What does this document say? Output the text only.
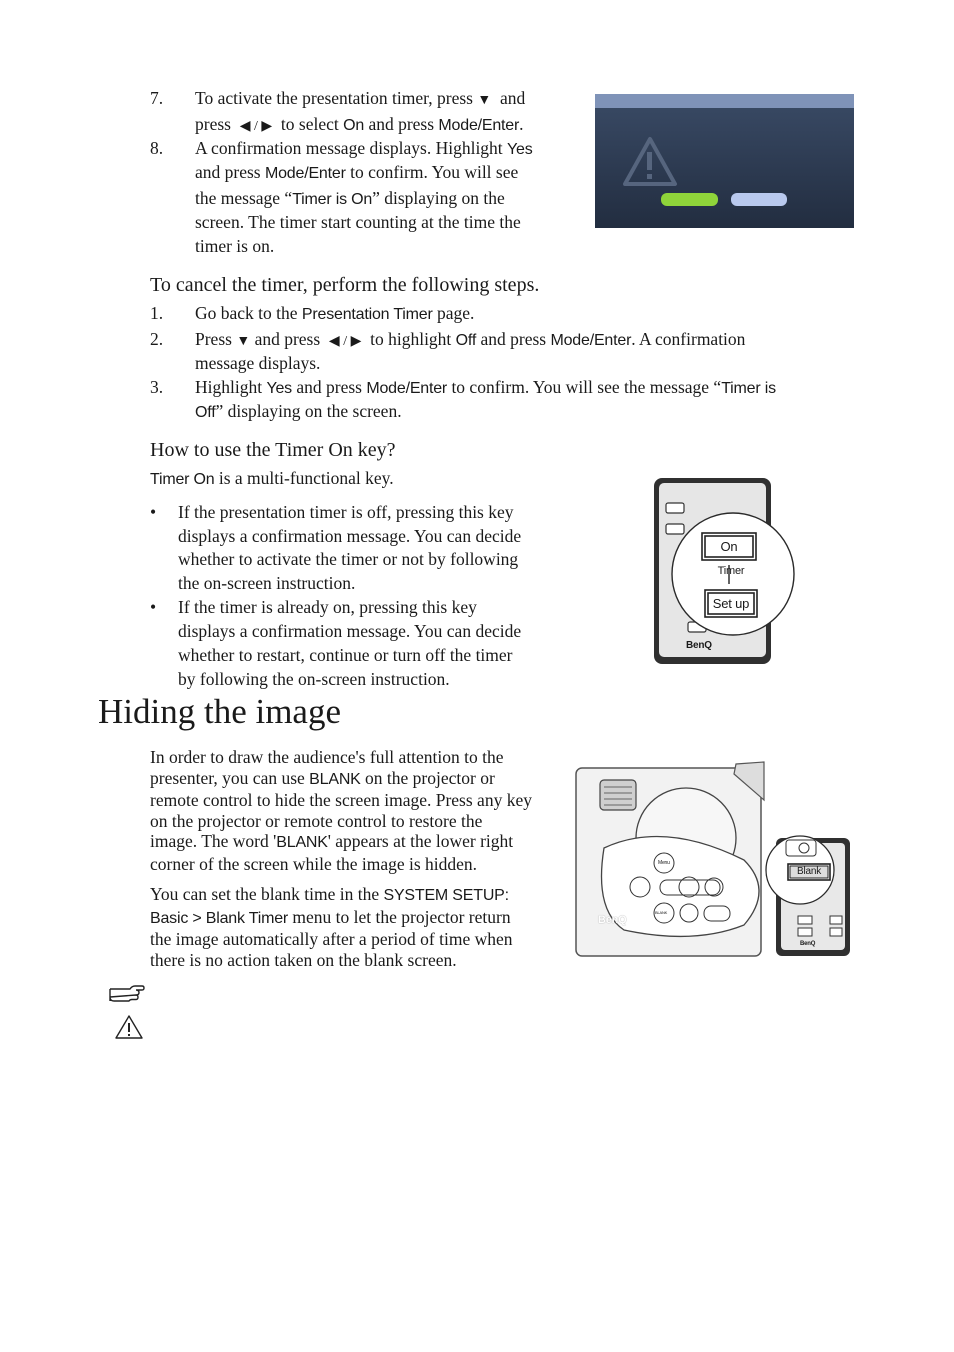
7. To activate the presentation timer, press ▼ and
press ◀ / ▶ to select On and press Mode/Enter.
8. A confirmation message displays. Highlight Yes
and press Mode/Enter to confirm. You will see
the message “Timer is On” displaying on the
screen. The timer start counting at the time the
timer is on.
To cancel the timer, perform the following steps.
1. Go back to the Presentation Timer page.
2. Press ▼ and press ◀ / ▶ to highlight Off and press Mode/Enter. A confirmation
message displays.
3. Highlight Yes and press Mode/Enter to confirm. You will see the message “Timer is
Off” displaying on the screen.
How to use the Timer On key?
Timer On is a multi-functional key.
• If the presentation timer is off, pressing this key
displays a confirmation message. You can decide
whether to activate the timer or not by following
the on-screen instruction.
• If the timer is already on, pressing this key
displays a confirmation message. You can decide
whether to restart, continue or turn off the timer
by following the on-screen instruction.
On
Timer
Set up
BenQ
Hiding the image
In order to draw the audience's full attention to the
presenter, you can use BLANK on the projector or
remote control to hide the screen image. Press any key
on the projector or remote control to restore the
image. The word 'BLANK' appears at the lower right
corner of the screen while the image is hidden.
You can set the blank time in the SYSTEM SETUP:
Basic > Blank Timer menu to let the projector return
the image automatically after a period of time when
there is no action taken on the blank screen.
BenQ
BLANK
Menu
Blank
BenQ
